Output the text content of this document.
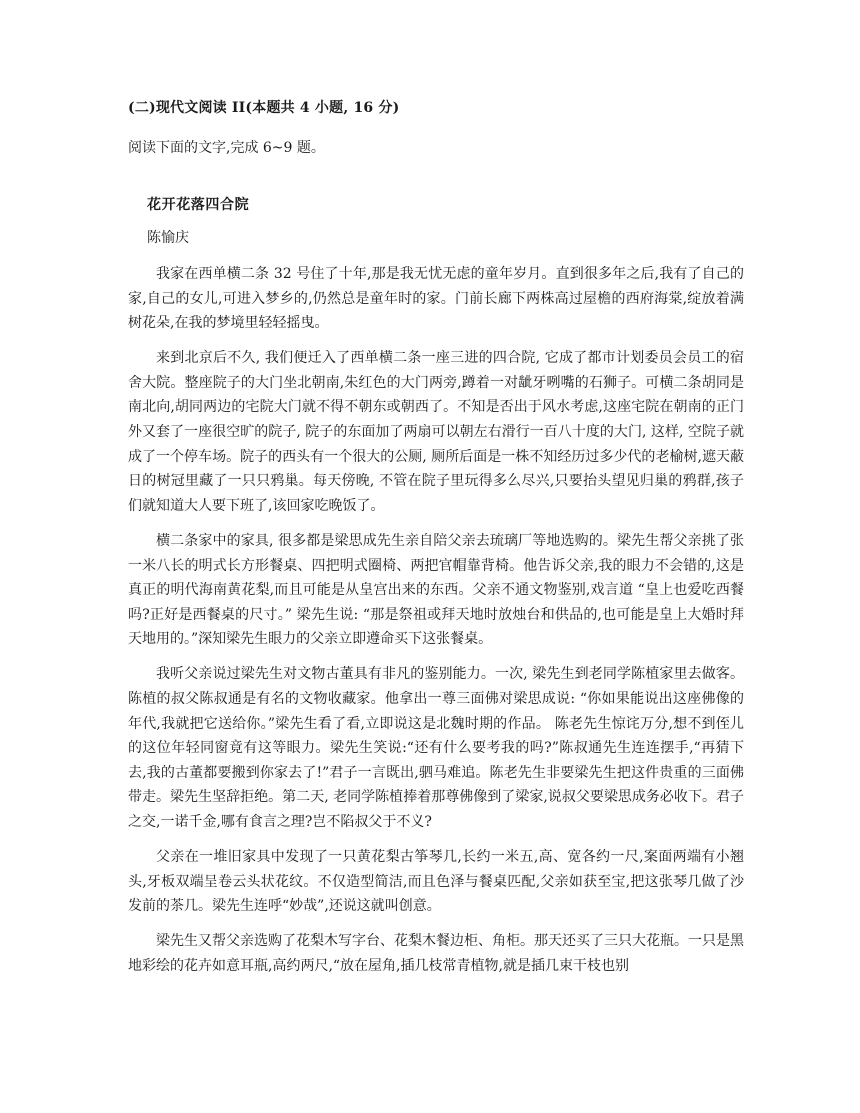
(二)现代文阅读 II(本题共 4 小题, 16 分)
阅读下面的文字,完成 6~9 题。
花开花落四合院
陈愉庆

我家在西单横二条 32 号住了十年,那是我无忧无虑的童年岁月。直到很多年之后,我有了自己的家,自己的女儿,可进入梦乡的,仍然总是童年时的家。门前长廊下两株高过屋檐的西府海棠,绽放着满树花朵,在我的梦境里轻轻摇曳。

来到北京后不久, 我们便迁入了西单横二条一座三进的四合院, 它成了都市计划委员会员工的宿舍大院。整座院子的大门坐北朝南,朱红色的大门两旁,蹲着一对龇牙咧嘴的石狮子。可横二条胡同是南北向,胡同两边的宅院大门就不得不朝东或朝西了。不知是否出于风水考虑,这座宅院在朝南的正门外又套了一座很空旷的院子, 院子的东面加了两扇可以朝左右滑行一百八十度的大门, 这样, 空院子就成了一个停车场。院子的西头有一个很大的公厕, 厕所后面是一株不知经历过多少代的老榆树,遮天蔽日的树冠里藏了一只只鸦巢。每天傍晚, 不管在院子里玩得多么尽兴,只要抬头望见归巢的鸦群,孩子们就知道大人要下班了,该回家吃晚饭了。

横二条家中的家具, 很多都是梁思成先生亲自陪父亲去琉璃厂等地选购的。梁先生帮父亲挑了张一米八长的明式长方形餐桌、四把明式圈椅、两把官帽靠背椅。他告诉父亲,我的眼力不会错的,这是真正的明代海南黄花梨,而且可能是从皇宫出来的东西。父亲不通文物鉴别,戏言道 “皇上也爱吃西餐吗?正好是西餐桌的尺寸。” 梁先生说: “那是祭祖或拜天地时放烛台和供品的,也可能是皇上大婚时拜天地用的。”深知梁先生眼力的父亲立即遵命买下这张餐桌。

我听父亲说过梁先生对文物古董具有非凡的鉴别能力。一次, 梁先生到老同学陈植家里去做客。陈植的叔父陈叔通是有名的文物收藏家。他拿出一尊三面佛对梁思成说: “你如果能说出这座佛像的年代,我就把它送给你。”梁先生看了看,立即说这是北魏时期的作品。 陈老先生惊诧万分,想不到侄儿的这位年轻同窗竟有这等眼力。梁先生笑说:“还有什么要考我的吗?”陈叔通先生连连摆手,“再猜下去,我的古董都要搬到你家去了!”君子一言既出,驷马难追。陈老先生非要梁先生把这件贵重的三面佛带走。梁先生坚辞拒绝。第二天, 老同学陈植捧着那尊佛像到了梁家,说叔父要梁思成务必收下。君子之交,一诺千金,哪有食言之理?岂不陷叔父于不义?

父亲在一堆旧家具中发现了一只黄花梨古筝琴几,长约一米五,高、宽各约一尺,案面两端有小翘头,牙板双端呈卷云头状花纹。不仅造型简洁,而且色泽与餐桌匹配,父亲如获至宝,把这张琴几做了沙发前的茶几。梁先生连呼“妙哉”,还说这就叫创意。

梁先生又帮父亲选购了花梨木写字台、花梨木餐边柜、角柜。那天还买了三只大花瓶。一只是黑地彩绘的花卉如意耳瓶,高约两尺,“放在屋角,插几枝常青植物,就是插几束干枝也别
